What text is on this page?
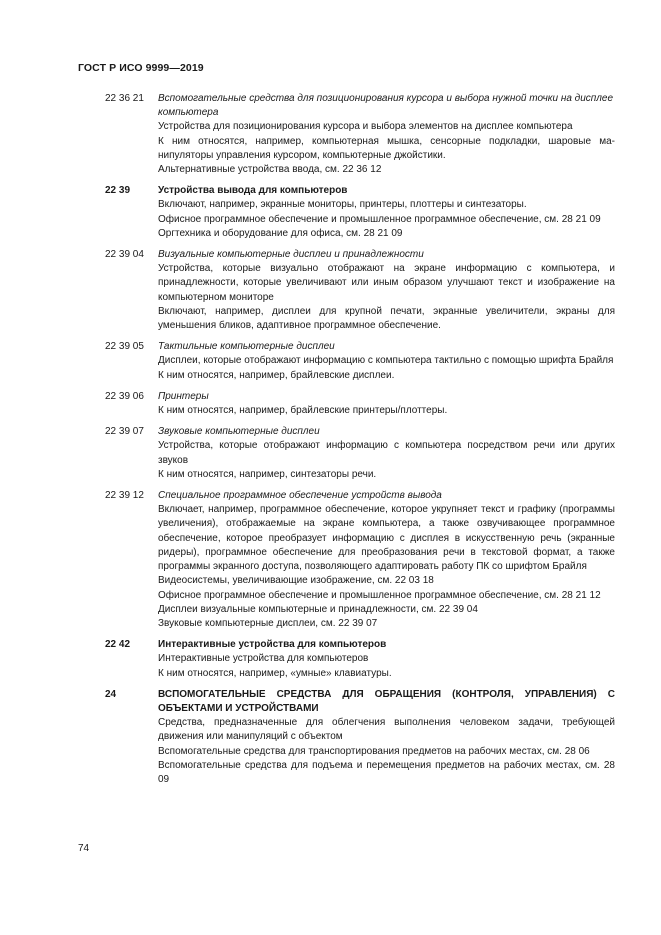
ГОСТ Р ИСО 9999—2019
22 36 21	Вспомогательные средства для позиционирования курсора и выбора нужной точки на дисплее компьютера
Устройства для позиционирования курсора и выбора элементов на дисплее компьютера
К ним относятся, например, компьютерная мышка, сенсорные подкладки, шаровые манипуляторы управления курсором, компьютерные джойстики.
Альтернативные устройства ввода, см. 22 36 12
22 39	Устройства вывода для компьютеров
Включают, например, экранные мониторы, принтеры, плоттеры и синтезаторы.
Офисное программное обеспечение и промышленное программное обеспечение, см. 28 21 09
Оргтехника и оборудование для офиса, см. 28 21 09
22 39 04	Визуальные компьютерные дисплеи и принадлежности
Устройства, которые визуально отображают на экране информацию с компьютера, и принадлежности, которые увеличивают или иным образом улучшают текст и изображение на компьютерном мониторе
Включают, например, дисплеи для крупной печати, экранные увеличители, экраны для уменьшения бликов, адаптивное программное обеспечение.
22 39 05	Тактильные компьютерные дисплеи
Дисплеи, которые отображают информацию с компьютера тактильно с помощью шрифта Брайля
К ним относятся, например, брайлевские дисплеи.
22 39 06	Принтеры
К ним относятся, например, брайлевские принтеры/плоттеры.
22 39 07	Звуковые компьютерные дисплеи
Устройства, которые отображают информацию с компьютера посредством речи или других звуков
К ним относятся, например, синтезаторы речи.
22 39 12	Специальное программное обеспечение устройств вывода
Включает, например, программное обеспечение, которое укрупняет текст и графику (программы увеличения), отображаемые на экране компьютера, а также озвучивающее программное обеспечение, которое преобразует информацию с дисплея в искусственную речь (экранные ридеры), программное обеспечение для преобразования речи в текстовой формат, а также программы экранного доступа, позволяющего адаптировать работу ПК со шрифтом Брайля
Видеосистемы, увеличивающие изображение, см. 22 03 18
Офисное программное обеспечение и промышленное программное обеспечение, см. 28 21 12
Дисплеи визуальные компьютерные и принадлежности, см. 22 39 04
Звуковые компьютерные дисплеи, см. 22 39 07
22 42	Интерактивные устройства для компьютеров
Интерактивные устройства для компьютеров
К ним относятся, например, «умные» клавиатуры.
24	ВСПОМОГАТЕЛЬНЫЕ СРЕДСТВА ДЛЯ ОБРАЩЕНИЯ (КОНТРОЛЯ, УПРАВЛЕНИЯ) С ОБЪЕКТАМИ И УСТРОЙСТВАМИ
Средства, предназначенные для облегчения выполнения человеком задачи, требующей движения или манипуляций с объектом
Вспомогательные средства для транспортирования предметов на рабочих местах, см. 28 06
Вспомогательные средства для подъема и перемещения предметов на рабочих местах, см. 28 09
74
